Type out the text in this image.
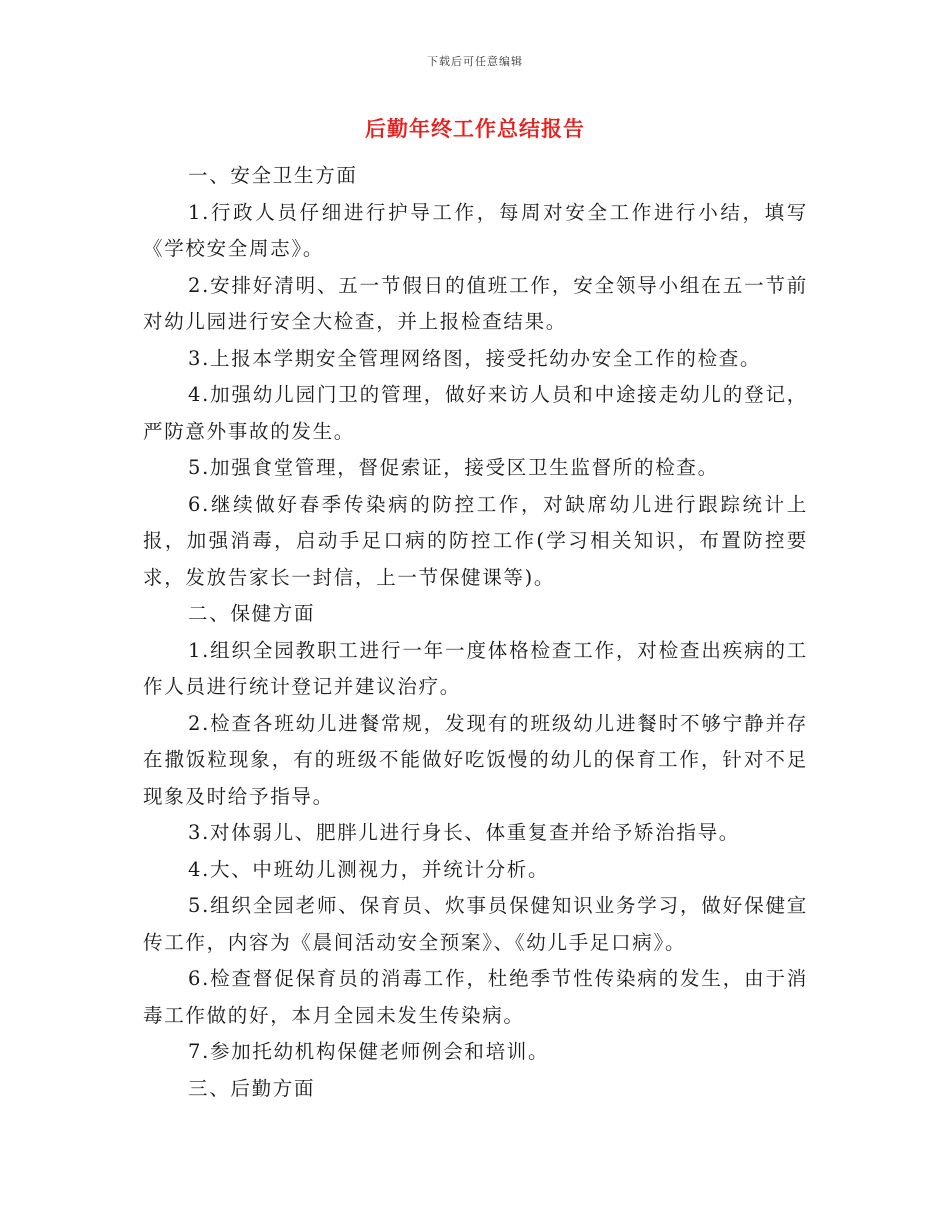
下载后可任意编辑
后勤年终工作总结报告

一、安全卫生方面

1.行政人员仔细进行护导工作，每周对安全工作进行小结，填写《学校安全周志》。

2.安排好清明、五一节假日的值班工作，安全领导小组在五一节前对幼儿园进行安全大检查，并上报检查结果。

3.上报本学期安全管理网络图，接受托幼办安全工作的检查。

4.加强幼儿园门卫的管理，做好来访人员和中途接走幼儿的登记，严防意外事故的发生。

5.加强食堂管理，督促索证，接受区卫生监督所的检查。

6.继续做好春季传染病的防控工作，对缺席幼儿进行跟踪统计上报，加强消毒，启动手足口病的防控工作(学习相关知识，布置防控要求，发放告家长一封信，上一节保健课等)。

二、保健方面

1.组织全园教职工进行一年一度体格检查工作，对检查出疾病的工作人员进行统计登记并建议治疗。

2.检查各班幼儿进餐常规，发现有的班级幼儿进餐时不够宁静并存在撒饭粒现象，有的班级不能做好吃饭慢的幼儿的保育工作，针对不足现象及时给予指导。

3.对体弱儿、肥胖儿进行身长、体重复查并给予矫治指导。

4.大、中班幼儿测视力，并统计分析。

5.组织全园老师、保育员、炊事员保健知识业务学习，做好保健宣传工作，内容为《晨间活动安全预案》、《幼儿手足口病》。

6.检查督促保育员的消毒工作，杜绝季节性传染病的发生，由于消毒工作做的好，本月全园未发生传染病。

7.参加托幼机构保健老师例会和培训。

三、后勤方面
